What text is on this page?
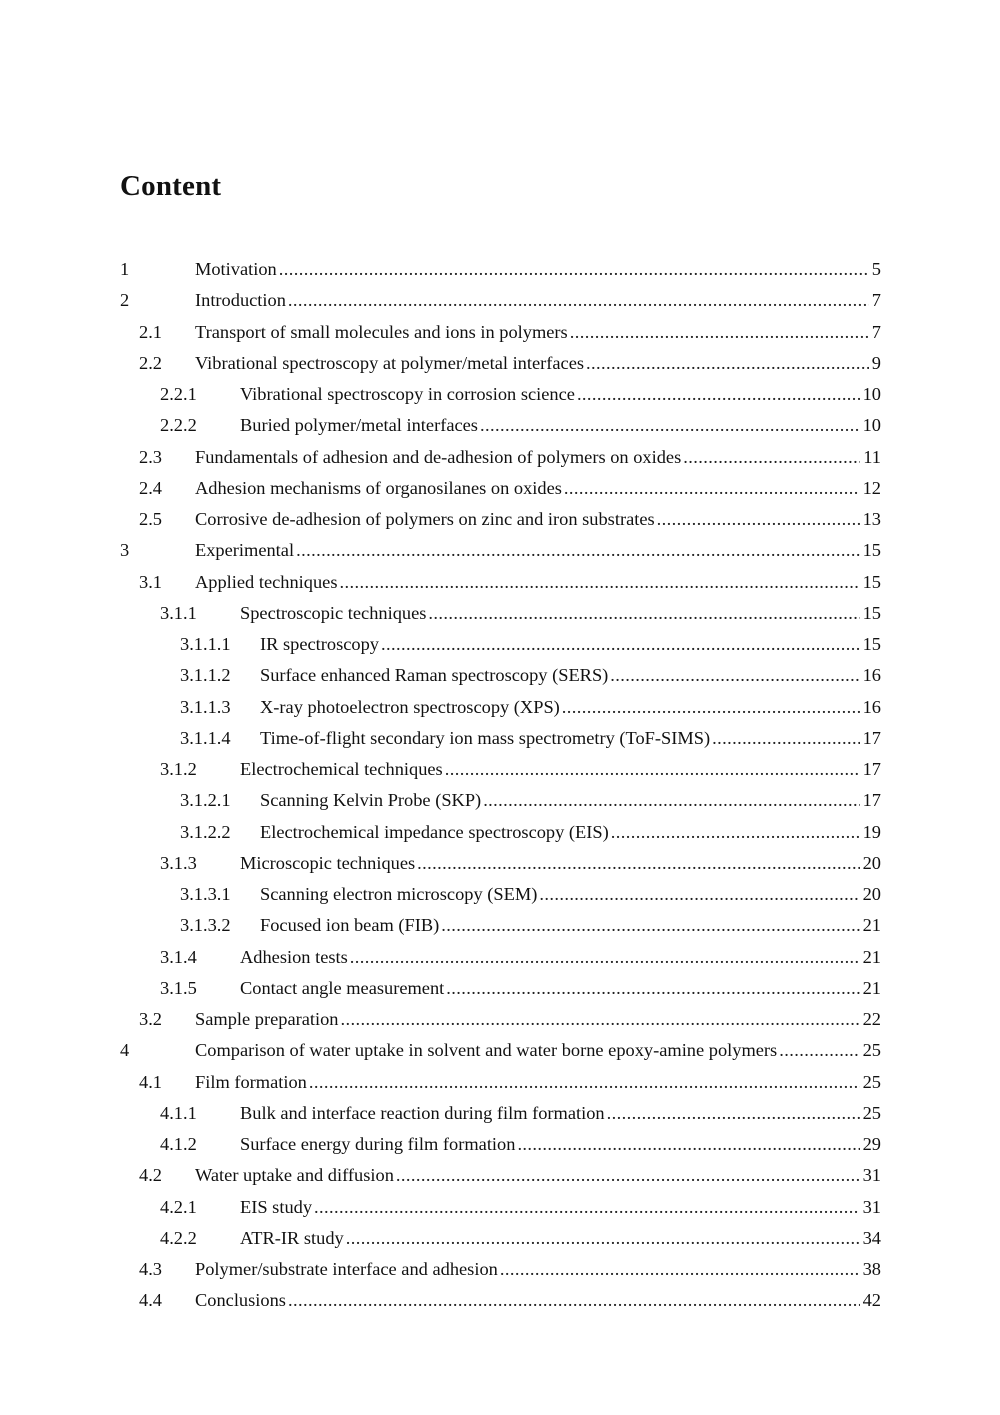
Content
1	Motivation .....	5
2	Introduction .....	7
2.1 Transport of small molecules and ions in polymers .....	7
2.2 Vibrational spectroscopy at polymer/metal interfaces .....	9
2.2.1 Vibrational spectroscopy in corrosion science .....	10
2.2.2 Buried polymer/metal interfaces .....	10
2.3 Fundamentals of adhesion and de-adhesion of polymers on oxides .....	11
2.4 Adhesion mechanisms of organosilanes on oxides .....	12
2.5 Corrosive de-adhesion of polymers on zinc and iron substrates .....	13
3	Experimental .....	15
3.1 Applied techniques .....	15
3.1.1 Spectroscopic techniques .....	15
3.1.1.1 IR spectroscopy .....	15
3.1.1.2 Surface enhanced Raman spectroscopy (SERS) .....	16
3.1.1.3 X-ray photoelectron spectroscopy (XPS) .....	16
3.1.1.4 Time-of-flight secondary ion mass spectrometry (ToF-SIMS) .....	17
3.1.2 Electrochemical techniques .....	17
3.1.2.1 Scanning Kelvin Probe (SKP) .....	17
3.1.2.2 Electrochemical impedance spectroscopy (EIS) .....	19
3.1.3 Microscopic techniques .....	20
3.1.3.1 Scanning electron microscopy (SEM) .....	20
3.1.3.2 Focused ion beam (FIB) .....	21
3.1.4 Adhesion tests .....	21
3.1.5 Contact angle measurement .....	21
3.2 Sample preparation .....	22
4	Comparison of water uptake in solvent and water borne epoxy-amine polymers .....	25
4.1 Film formation .....	25
4.1.1 Bulk and interface reaction during film formation .....	25
4.1.2 Surface energy during film formation .....	29
4.2 Water uptake and diffusion .....	31
4.2.1 EIS study .....	31
4.2.2 ATR-IR study .....	34
4.3 Polymer/substrate interface and adhesion .....	38
4.4 Conclusions .....	42
